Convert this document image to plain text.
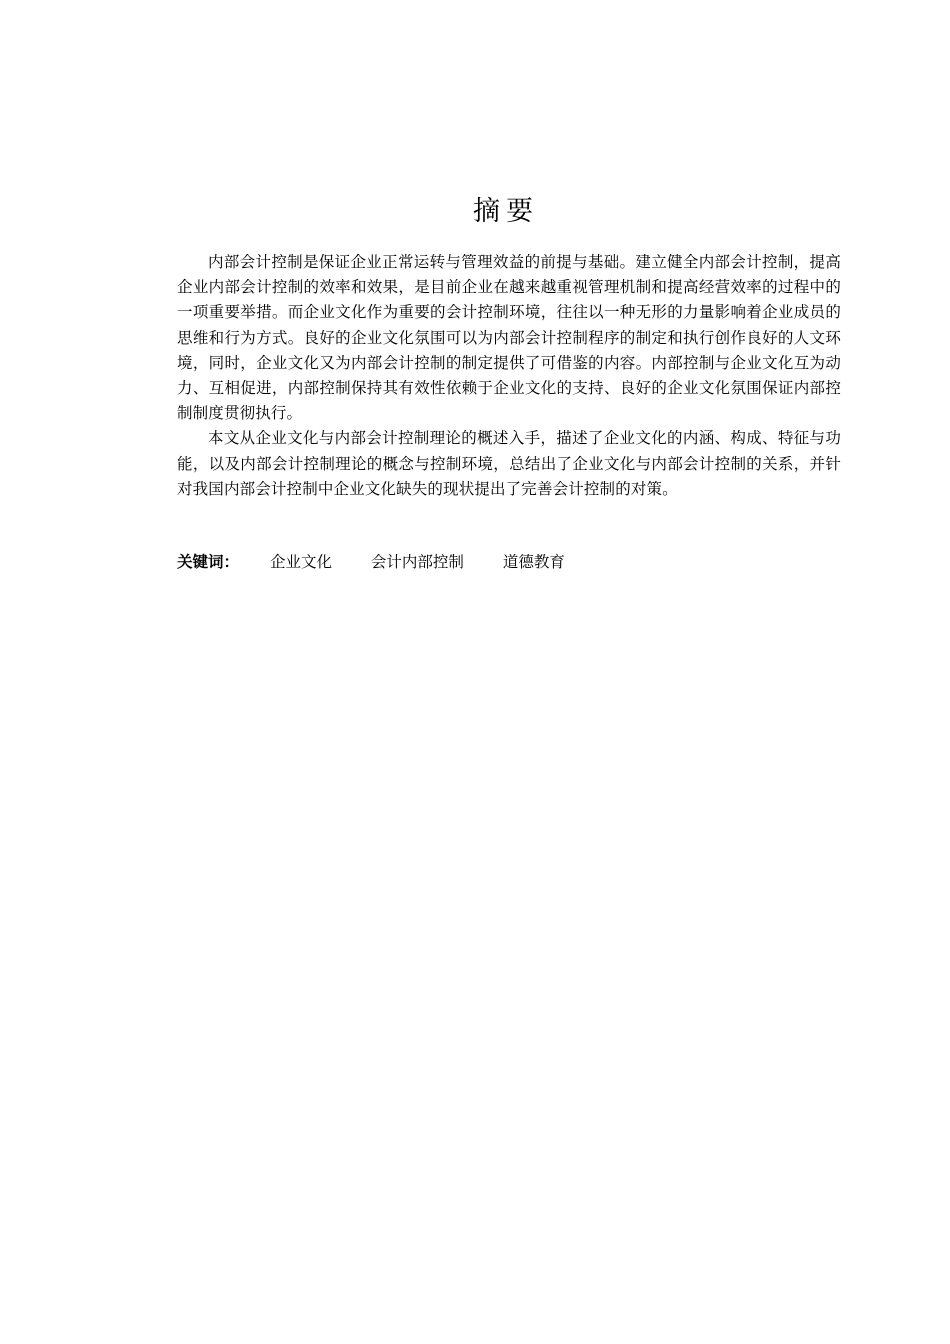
摘要

内部会计控制是保证企业正常运转与管理效益的前提与基础。建立健全内部会计控制，提高企业内部会计控制的效率和效果，是目前企业在越来越重视管理机制和提高经营效率的过程中的一项重要举措。而企业文化作为重要的会计控制环境，往往以一种无形的力量影响着企业成员的思维和行为方式。良好的企业文化氛围可以为内部会计控制程序的制定和执行创作良好的人文环境，同时，企业文化又为内部会计控制的制定提供了可借鉴的内容。内部控制与企业文化互为动力、互相促进，内部控制保持其有效性依赖于企业文化的支持、良好的企业文化氛围保证内部控制制度贯彻执行。

本文从企业文化与内部会计控制理论的概述入手，描述了企业文化的内涵、构成、特征与功能，以及内部会计控制理论的概念与控制环境，总结出了企业文化与内部会计控制的关系，并针对我国内部会计控制中企业文化缺失的现状提出了完善会计控制的对策。

关键词： 企业文化	会计内部控制	道德教育
